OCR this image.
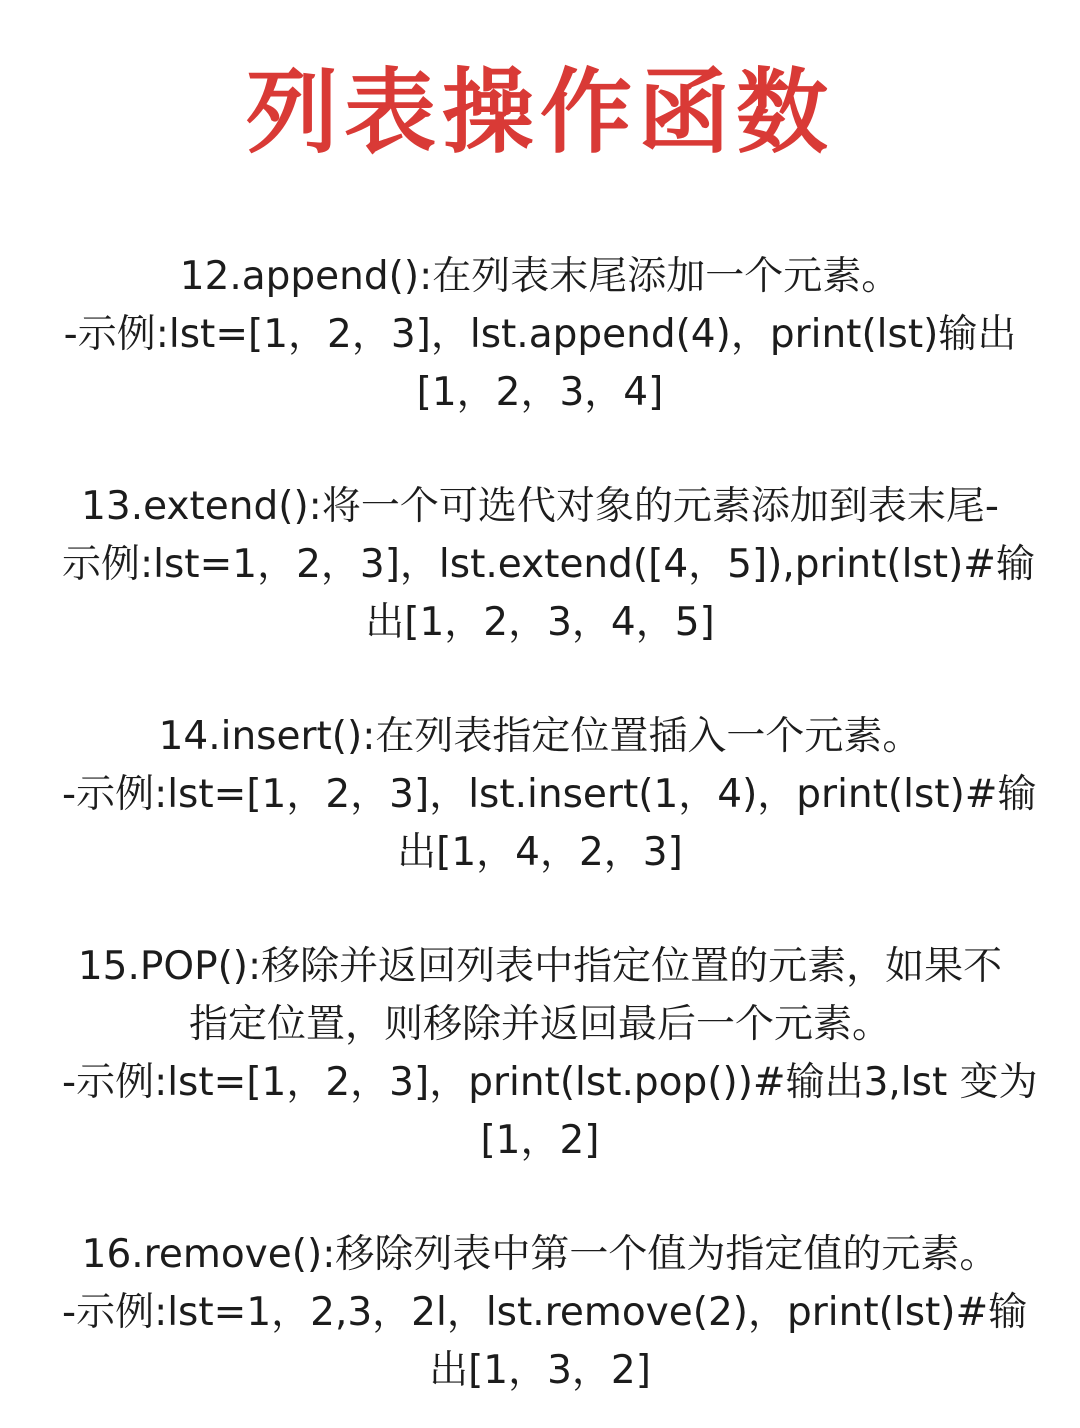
列表操作函数
12.append():在列表末尾添加一个元素。
-示例:lst=[1，2，3]，lst.append(4)，print(lst)输出
[1，2，3，4]
13.extend():将一个可选代对象的元素添加到表末尾-
示例:lst=1，2，3]，lst.extend([4，5]),print(lst)#输
出[1，2，3，4，5]
14.insert():在列表指定位置插入一个元素。
-示例:lst=[1，2，3]，lst.insert(1，4)，print(lst)#输
出[1，4，2，3]
15.POP():移除并返回列表中指定位置的元素，如果不
指定位置，则移除并返回最后一个元素。
-示例:lst=[1，2，3]，print(lst.pop())#输出3,lst 变为
[1，2]
16.remove():移除列表中第一个值为指定值的元素。
-示例:lst=1，2,3，2l，lst.remove(2)，print(lst)#输
出[1，3，2]
